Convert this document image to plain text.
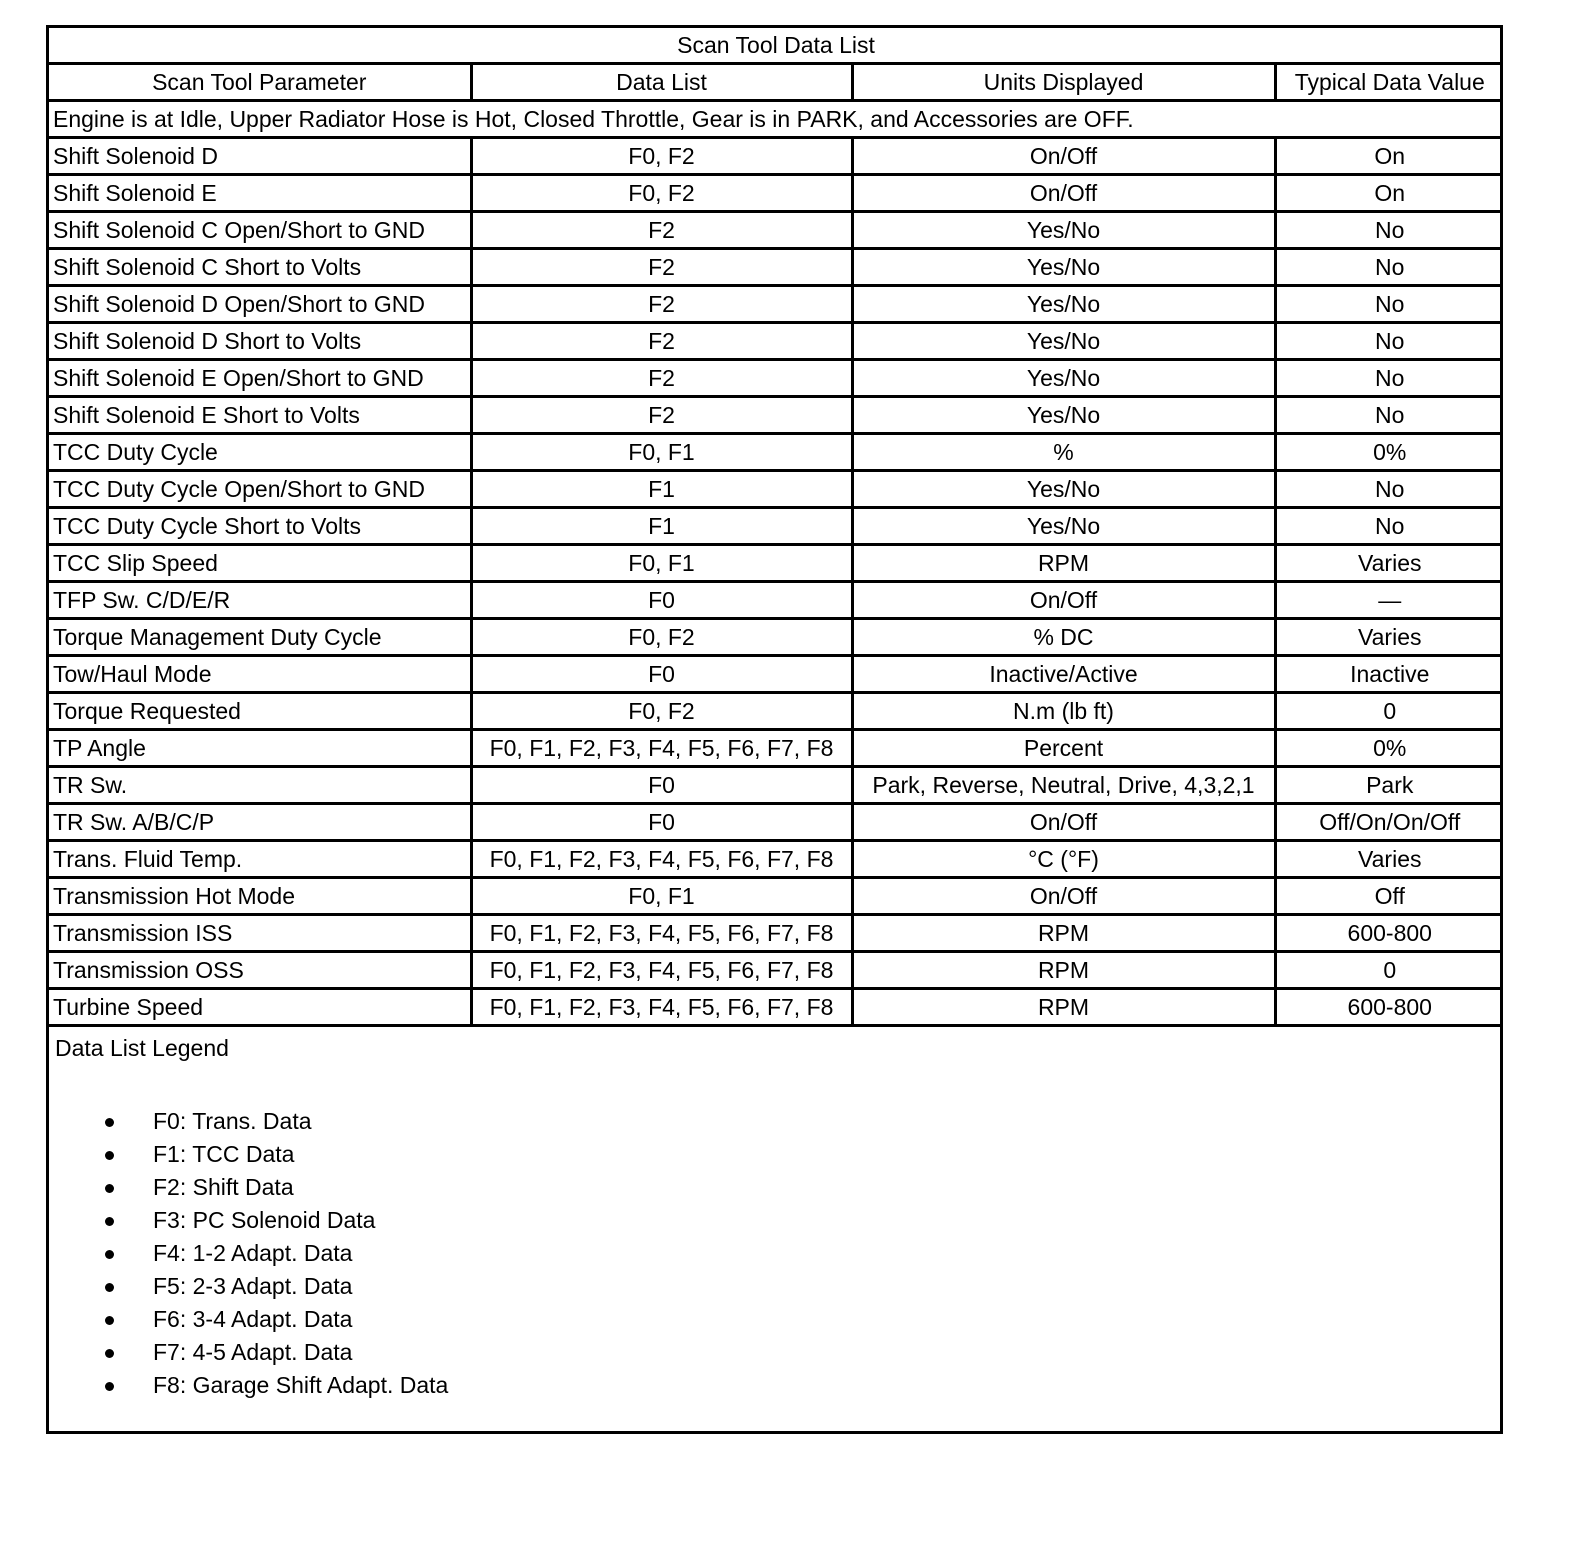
Scan Tool Data List			
Scan Tool Parameter	Data List	Units Displayed	Typical Data Value
Engine is at Idle, Upper Radiator Hose is Hot, Closed Throttle, Gear is in PARK, and Accessories are OFF.			
Shift Solenoid D	F0, F2	On/Off	On
Shift Solenoid E	F0, F2	On/Off	On
Shift Solenoid C Open/Short to GND	F2	Yes/No	No
Shift Solenoid C Short to Volts	F2	Yes/No	No
Shift Solenoid D Open/Short to GND	F2	Yes/No	No
Shift Solenoid D Short to Volts	F2	Yes/No	No
Shift Solenoid E Open/Short to GND	F2	Yes/No	No
Shift Solenoid E Short to Volts	F2	Yes/No	No
TCC Duty Cycle	F0, F1	%	0%
TCC Duty Cycle Open/Short to GND	F1	Yes/No	No
TCC Duty Cycle Short to Volts	F1	Yes/No	No
TCC Slip Speed	F0, F1	RPM	Varies
TFP Sw. C/D/E/R	F0	On/Off	—
Torque Management Duty Cycle	F0, F2	% DC	Varies
Tow/Haul Mode	F0	Inactive/Active	Inactive
Torque Requested	F0, F2	N.m (lb ft)	0
TP Angle	F0, F1, F2, F3, F4, F5, F6, F7, F8	Percent	0%
TR Sw.	F0	Park, Reverse, Neutral, Drive, 4,3,2,1	Park
TR Sw. A/B/C/P	F0	On/Off	Off/On/On/Off
Trans. Fluid Temp.	F0, F1, F2, F3, F4, F5, F6, F7, F8	°C (°F)	Varies
Transmission Hot Mode	F0, F1	On/Off	Off
Transmission ISS	F0, F1, F2, F3, F4, F5, F6, F7, F8	RPM	600-800
Transmission OSS	F0, F1, F2, F3, F4, F5, F6, F7, F8	RPM	0
Turbine Speed	F0, F1, F2, F3, F4, F5, F6, F7, F8	RPM	600-800
Data List Legend
F0: Trans. Data
F1: TCC Data
F2: Shift Data
F3: PC Solenoid Data
F4: 1-2 Adapt. Data
F5: 2-3 Adapt. Data
F6: 3-4 Adapt. Data
F7: 4-5 Adapt. Data
F8: Garage Shift Adapt. Data
